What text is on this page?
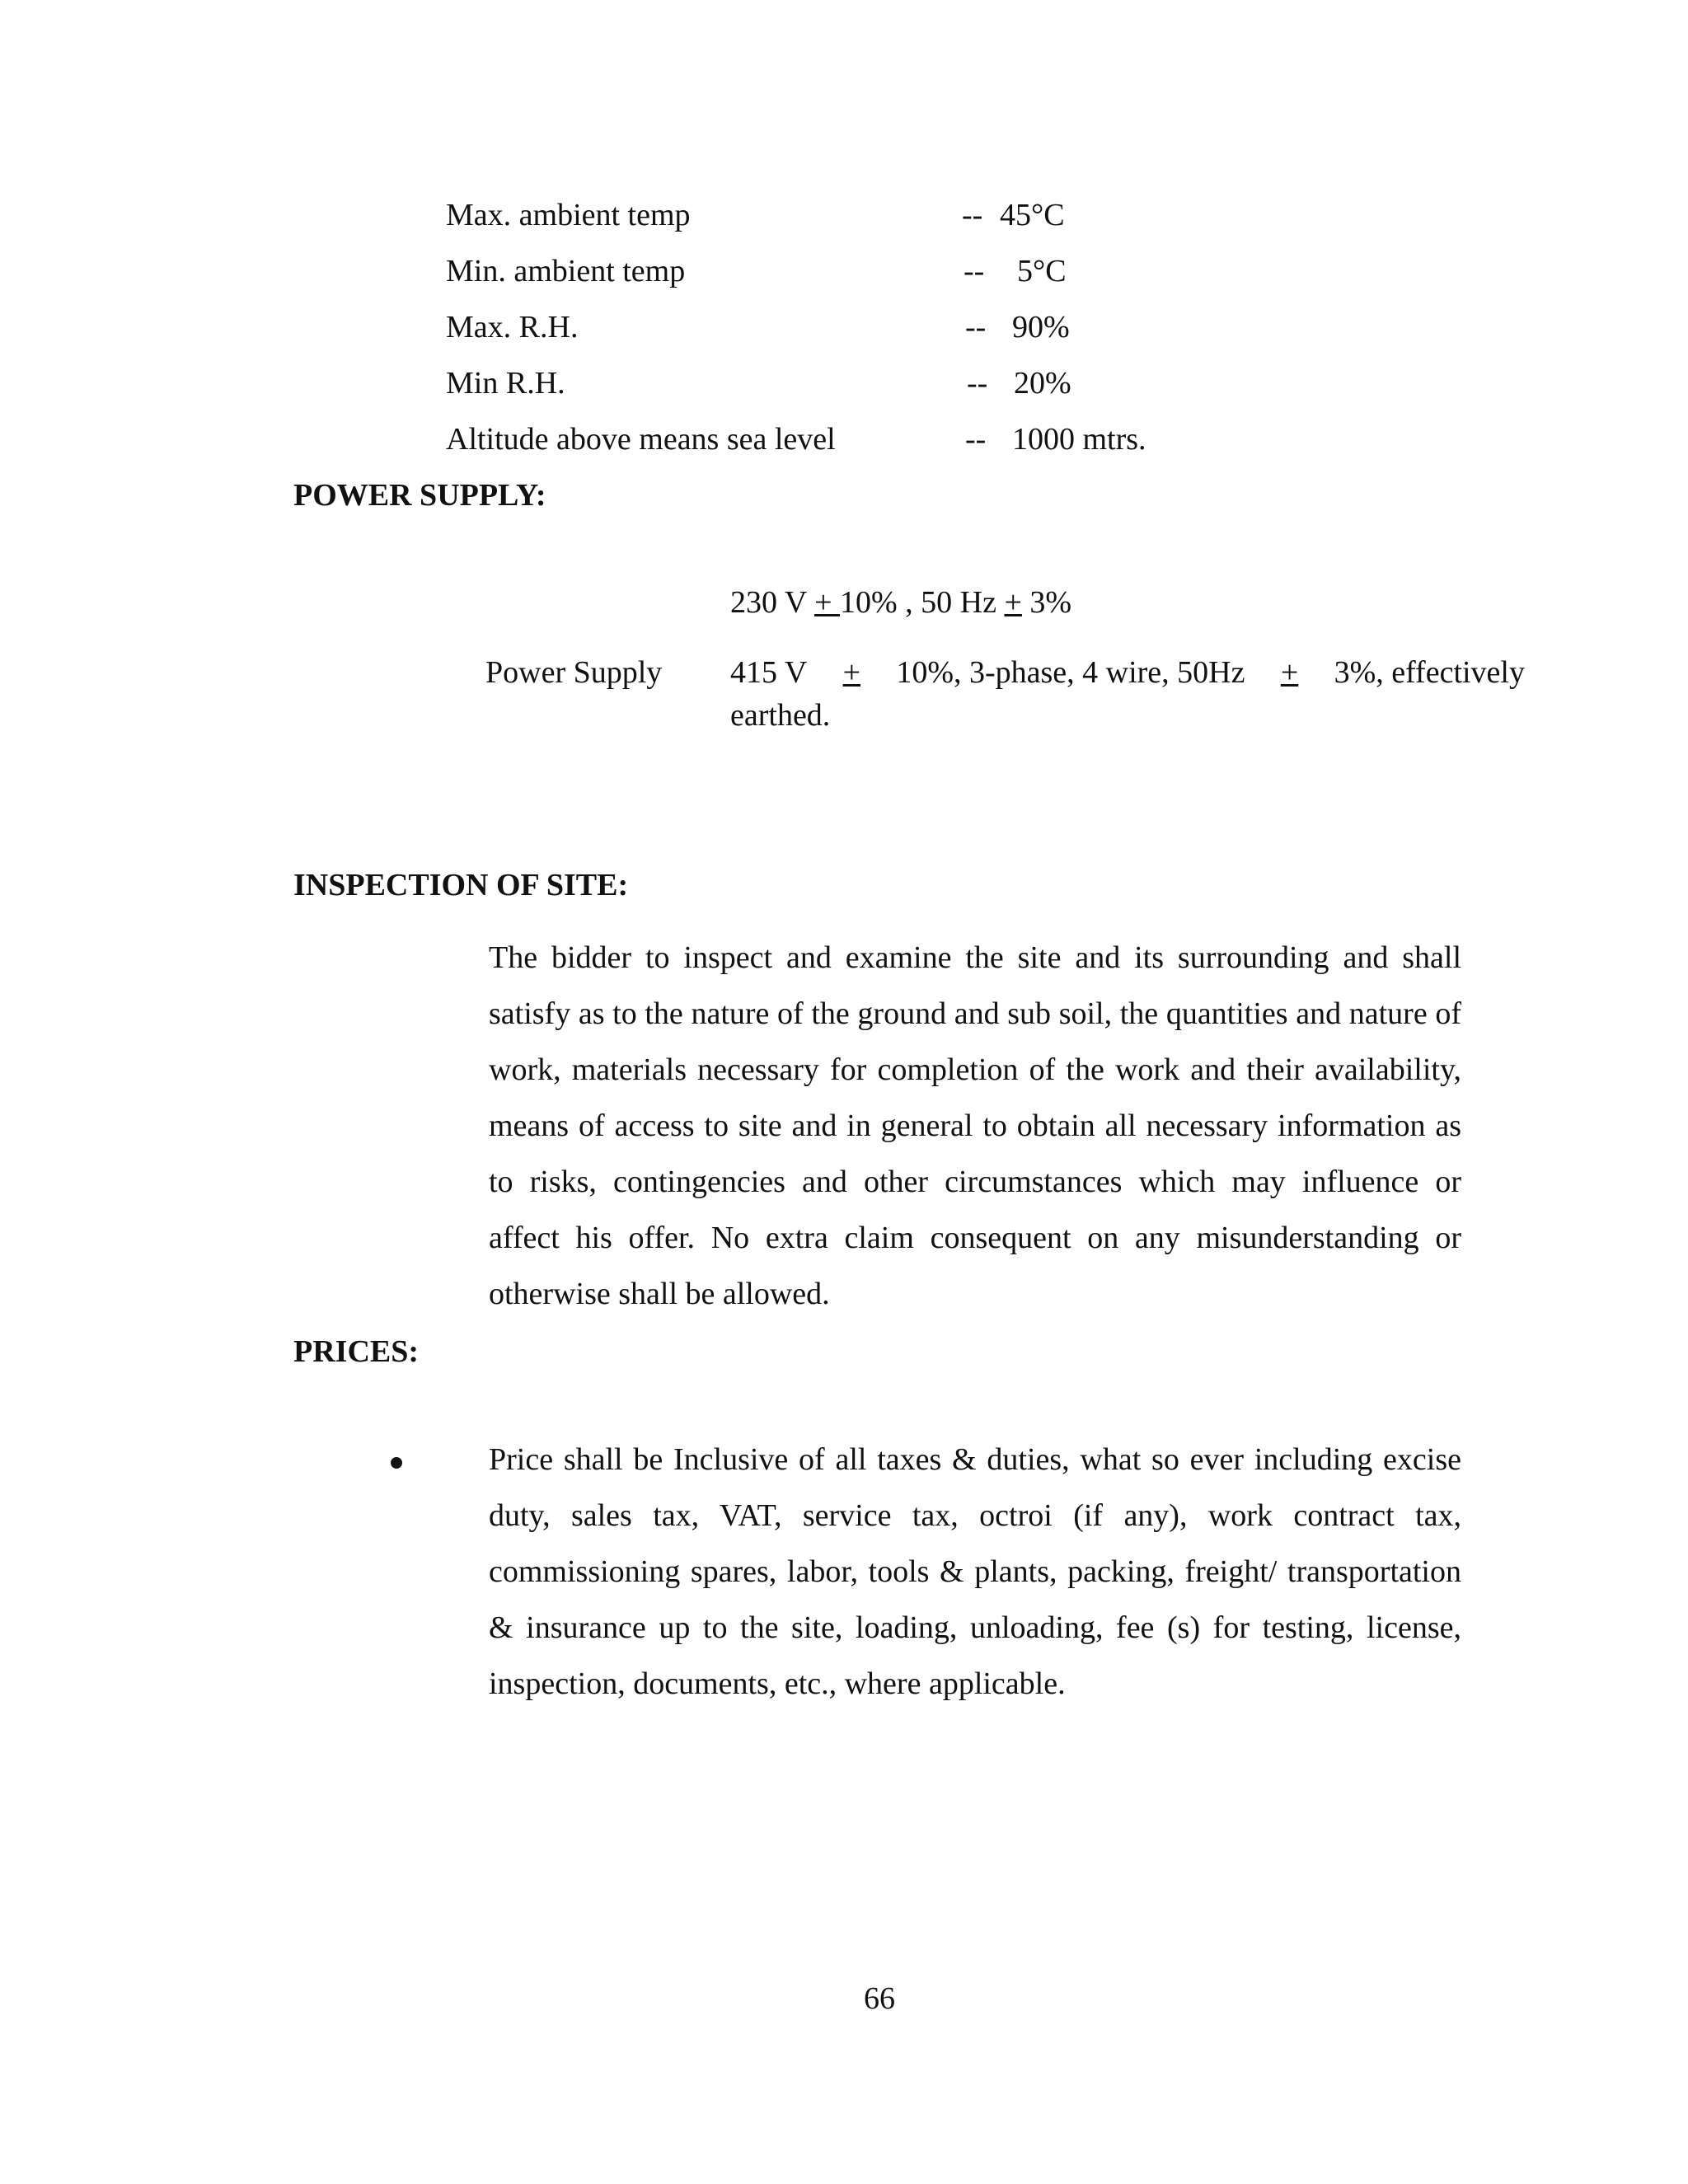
Max. ambient temp	-- 45°C

Min. ambient temp	-- 5°C

Max. R.H.	-- 90%

Min R.H.	-- 20%

Altitude above means sea level	-- 1000 mtrs.

POWER SUPPLY:

230 V + 10% , 50 Hz + 3%

Power Supply 415 V + 10%, 3-phase, 4 wire, 50Hz + 3%, effectively

earthed.

INSPECTION OF SITE:

The bidder to inspect and examine the site and its surrounding and shall satisfy as to the nature of the ground and sub soil, the quantities and nature of work, materials necessary for completion of the work and their availability, means of access to site and in general to obtain all necessary information as to risks, contingencies and other circumstances which may influence or affect his offer. No extra claim consequent on any misunderstanding or otherwise shall be allowed.

PRICES:

Price shall be Inclusive of all taxes & duties, what so ever including excise duty, sales tax, VAT, service tax, octroi (if any), work contract tax, commissioning spares, labor, tools & plants, packing, freight/ transportation & insurance up to the site, loading, unloading, fee (s) for testing, license, inspection, documents, etc., where applicable.

66
